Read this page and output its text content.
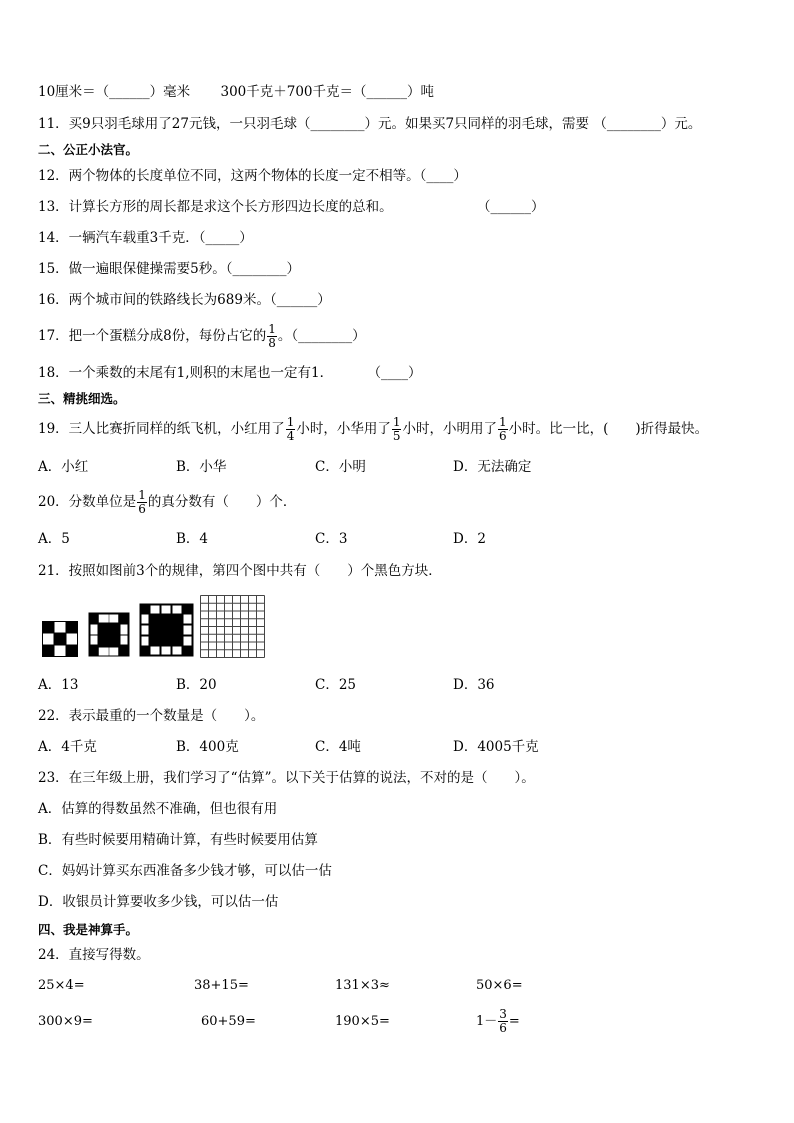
10厘米＝（______）毫米 300千克＋700千克＝（______）吨
11．买9只羽毛球用了27元钱，一只羽毛球（________）元。如果买7只同样的羽毛球，需要 （________）元。
二、公正小法官。
12．两个物体的长度单位不同，这两个物体的长度一定不相等。（____）
13．计算长方形的周长都是求这个长方形四边长度的总和。	（______）
14．一辆汽车载重3千克．（_____）
15．做一遍眼保健操需要5秒。（________）
16．两个城市间的铁路线长为689米。（______）
17．把一个蛋糕分成8份，每份占它的 $\frac{1}{8}$ 。（________）
18．一个乘数的末尾有1,则积的末尾也一定有1．	（____）
三、精挑细选。
19．三人比赛折同样的纸飞机，小红用了 $\frac{1}{4}$ 小时，小华用了 $\frac{1}{5}$ 小时，小明用了 $\frac{1}{6}$ 小时。比一比，(　　)折得最快。
A．小红	B．小华	C．小明	D．无法确定
20．分数单位是 $\frac{1}{6}$ 的真分数有（　　）个．
A．5	B．4	C．3	D．2
21．按照如图前3个的规律，第四个图中共有（　　）个黑色方块．
A．13	B．20	C．25	D．36
22．表示最重的一个数量是（　　）。
A．4千克	B．400克	C．4吨	D．4005千克
23．在三年级上册，我们学习了“估算”。以下关于估算的说法，不对的是（　　）。
A．估算的得数虽然不准确，但也很有用
B．有些时候要用精确计算，有些时候要用估算
C．妈妈计算买东西准备多少钱才够，可以估一估
D．收银员计算要收多少钱，可以估一估
四、我是神算手。
24．直接写得数。
25×4=	38+15=	131×3≈	50×6=
300×9=	60+59=	190×5=	$1- \frac{3}{6}$ =
